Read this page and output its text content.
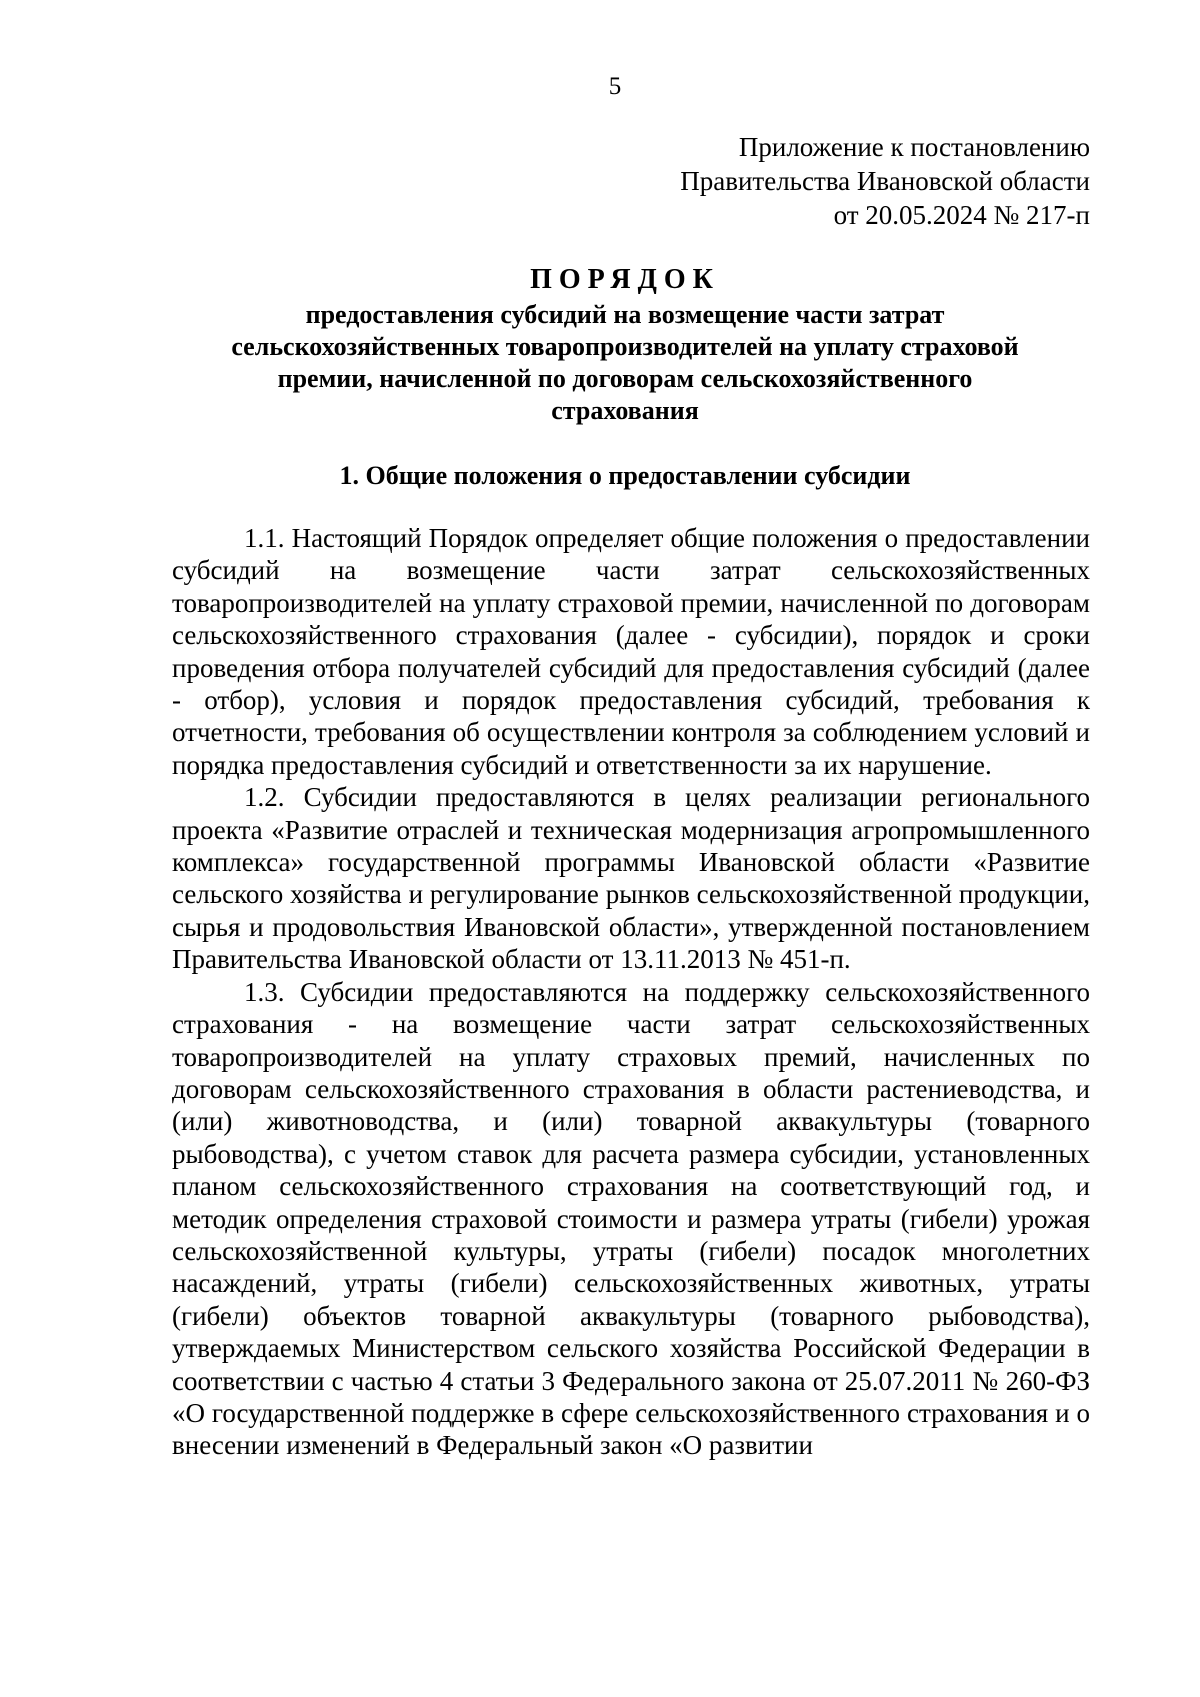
5
Приложение к постановлению
Правительства Ивановской области
от 20.05.2024 № 217-п
ПОРЯДОК
предоставления субсидий на возмещение части затрат
сельскохозяйственных товаропроизводителей на уплату страховой
премии, начисленной по договорам сельскохозяйственного
страхования
1. Общие положения о предоставлении субсидии

1.1. Настоящий Порядок определяет общие положения о предоставлении субсидий на возмещение части затрат сельскохозяйственных товаропроизводителей на уплату страховой премии, начисленной по договорам сельскохозяйственного страхования (далее - субсидии), порядок и сроки проведения отбора получателей субсидий для предоставления субсидий (далее - отбор), условия и порядок предоставления субсидий, требования к отчетности, требования об осуществлении контроля за соблюдением условий и порядка предоставления субсидий и ответственности за их нарушение.

1.2. Субсидии предоставляются в целях реализации регионального проекта «Развитие отраслей и техническая модернизация агропромышленного комплекса» государственной программы Ивановской области «Развитие сельского хозяйства и регулирование рынков сельскохозяйственной продукции, сырья и продовольствия Ивановской области», утвержденной постановлением Правительства Ивановской области от 13.11.2013 № 451-п.

1.3. Субсидии предоставляются на поддержку сельскохозяйственного страхования - на возмещение части затрат сельскохозяйственных товаропроизводителей на уплату страховых премий, начисленных по договорам сельскохозяйственного страхования в области растениеводства, и (или) животноводства, и (или) товарной аквакультуры (товарного рыбоводства), с учетом ставок для расчета размера субсидии, установленных планом сельскохозяйственного страхования на соответствующий год, и методик определения страховой стоимости и размера утраты (гибели) урожая сельскохозяйственной культуры, утраты (гибели) посадок многолетних насаждений, утраты (гибели) сельскохозяйственных животных, утраты (гибели) объектов товарной аквакультуры (товарного рыбоводства), утверждаемых Министерством сельского хозяйства Российской Федерации в соответствии с частью 4 статьи 3 Федерального закона от 25.07.2011 № 260-ФЗ «О государственной поддержке в сфере сельскохозяйственного страхования и о внесении изменений в Федеральный закон «О развитии
